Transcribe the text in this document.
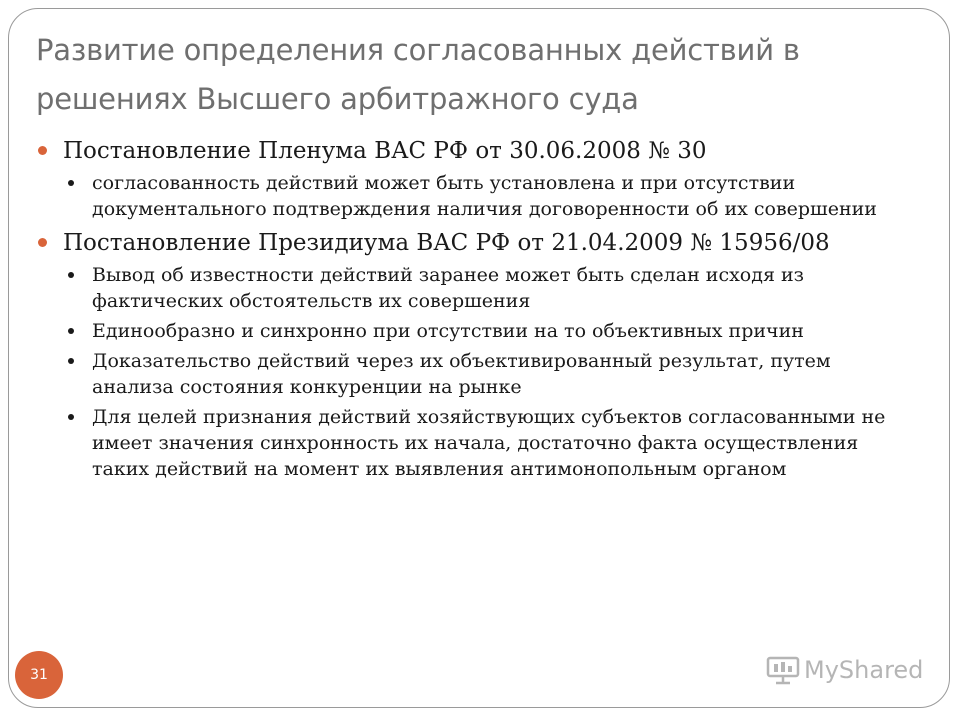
Развитие определения согласованных действий в решениях Высшего арбитражного суда
Постановление Пленума ВАС РФ от 30.06.2008 № 30
согласованность действий может быть установлена и при отсутствии документального подтверждения наличия договоренности об их совершении
Постановление Президиума ВАС РФ от 21.04.2009 № 15956/08
Вывод об известности действий заранее может быть сделан исходя из фактических обстоятельств их совершения
Единообразно и синхронно при отсутствии на то объективных причин
Доказательство действий через их объективированный результат, путем анализа состояния конкуренции на рынке
Для целей признания действий хозяйствующих субъектов согласованными не имеет значения синхронность их начала, достаточно факта осуществления таких действий на момент их выявления антимонопольным органом
31	MyShared
